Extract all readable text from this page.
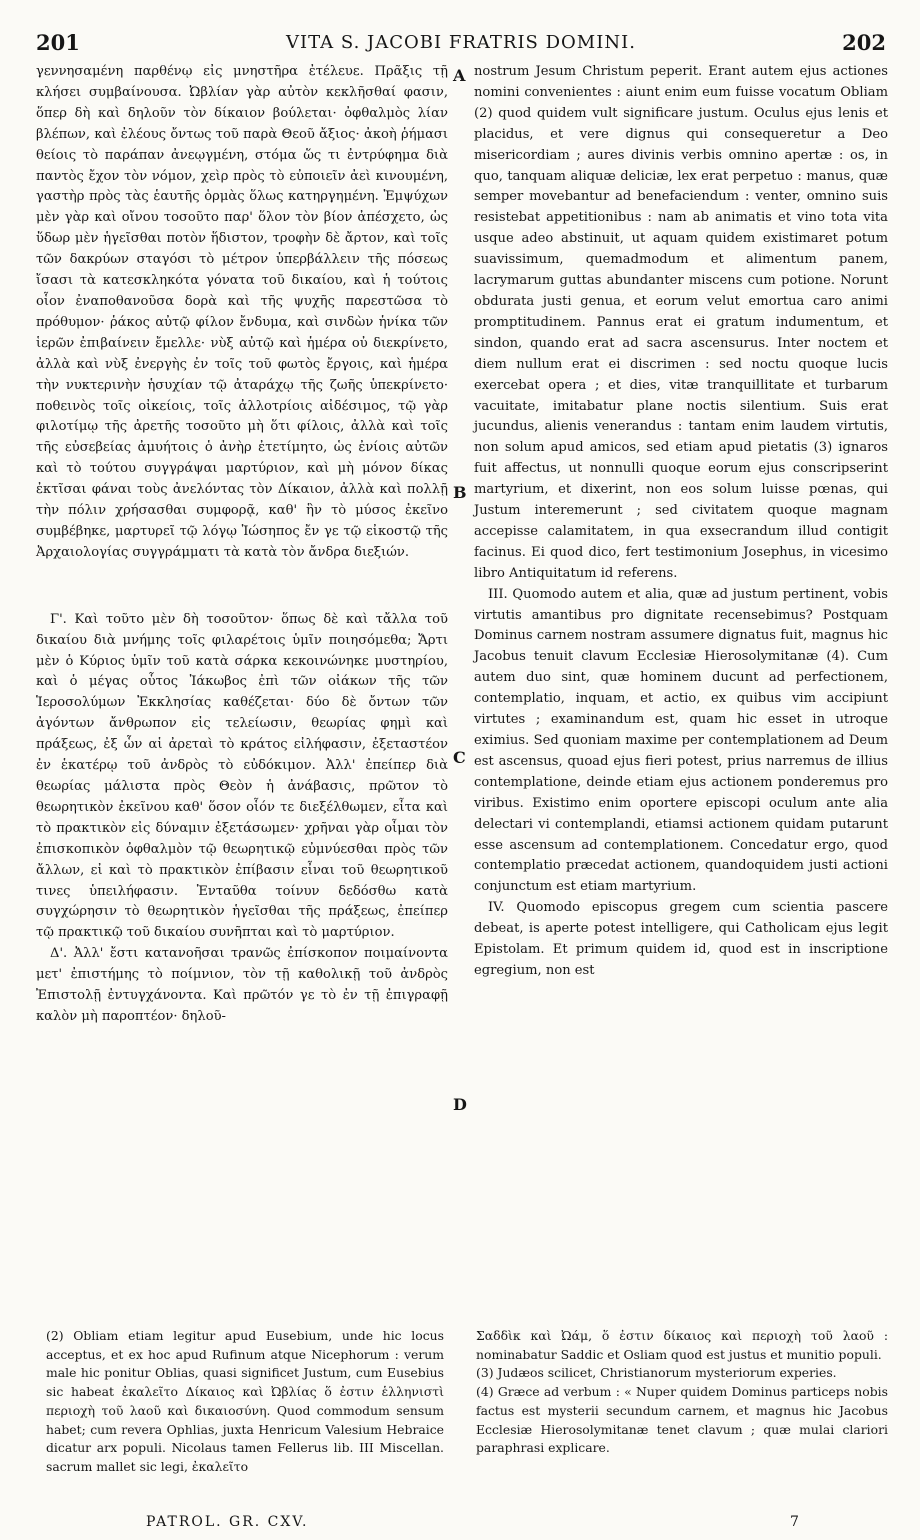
201	VITA S. JACOBI FRATRIS DOMINI.	202

γεννησαμένη παρθένῳ εἰς μνηστῆρα ἐτέλευε. Πρᾶξις τῇ κλήσει συμβαίνουσα. Ὠβλίαν γὰρ αὐτὸν κεκλῆσθαί φασιν, ὅπερ δὴ καὶ δηλοῦν τὸν δίκαιον βούλεται· ὀφθαλμὸς λίαν βλέπων, καὶ ἐλέους ὄντως τοῦ παρὰ Θεοῦ ἄξιος· ἀκοὴ ῥήμασι θείοις τὸ παράπαν ἀνεῳγμένη, στόμα ὥς τι ἐντρύφημα διὰ παντὸς ἔχον τὸν νόμον, χεὶρ πρὸς τὸ εὐποιεῖν ἀεὶ κινουμένη, γαστὴρ πρὸς τὰς ἑαυτῆς ὁρμὰς ὅλως κατηργημένη. Ἐμψύχων μὲν γὰρ καὶ οἴνου τοσοῦτο παρ' ὅλον τὸν βίον ἀπέσχετο, ὡς ὕδωρ μὲν ἡγεῖσθαι ποτὸν ἥδιστον, τροφὴν δὲ ἄρτον, καὶ τοῖς τῶν δακρύων σταγόσι τὸ μέτρον ὑπερβάλλειν τῆς πόσεως ἴσασι τὰ κατεσκληκότα γόνατα τοῦ δικαίου, καὶ ἡ τούτοις οἷον ἐναποθανοῦσα δορὰ καὶ τῆς ψυχῆς παρεστῶσα τὸ πρόθυμον· ῥάκος αὐτῷ φίλον ἔνδυμα, καὶ σινδὼν ἡνίκα τῶν ἱερῶν ἐπιβαίνειν ἔμελλε· νὺξ αὐτῷ καὶ ἡμέρα οὐ διεκρίνετο, ἀλλὰ καὶ νὺξ ἐνεργὴς ἐν τοῖς τοῦ φωτὸς ἔργοις, καὶ ἡμέρα τὴν νυκτερινὴν ἡσυχίαν τῷ ἀταράχῳ τῆς ζωῆς ὑπεκρίνετο· ποθεινὸς τοῖς οἰκείοις, τοῖς ἀλλοτρίοις αἰδέσιμος, τῷ γὰρ φιλοτίμῳ τῆς ἀρετῆς τοσοῦτο μὴ ὅτι φίλοις, ἀλλὰ καὶ τοῖς τῆς εὐσεβείας ἀμυήτοις ὁ ἀνὴρ ἐτετίμητο, ὡς ἐνίοις αὐτῶν καὶ τὸ τούτου συγγράψαι μαρτύριον, καὶ μὴ μόνον δίκας ἐκτῖσαι φάναι τοὺς ἀνελόντας τὸν Δίκαιον, ἀλλὰ καὶ πολλῇ τὴν πόλιν χρήσασθαι συμφορᾷ, καθ' ἣν τὸ μύσος ἐκεῖνο συμβέβηκε, μαρτυρεῖ τῷ λόγῳ Ἰώσηπος ἔν γε τῷ εἰκοστῷ τῆς Ἀρχαιολογίας συγγράμματι τὰ κατὰ τὸν ἄνδρα διεξιών.

Γ'. Καὶ τοῦτο μὲν δὴ τοσοῦτον· ὅπως δὲ καὶ τἄλλα τοῦ δικαίου διὰ μνήμης τοῖς φιλαρέτοις ὑμῖν ποιησόμεθα; Ἄρτι μὲν ὁ Κύριος ὑμῖν τοῦ κατὰ σάρκα κεκοινώνηκε μυστηρίου, καὶ ὁ μέγας οὗτος Ἰάκωβος ἐπὶ τῶν οἰάκων τῆς τῶν Ἱεροσολύμων Ἐκκλησίας καθέζεται· δύο δὲ ὄντων τῶν ἀγόντων ἄνθρωπον εἰς τελείωσιν, θεωρίας φημὶ καὶ πράξεως, ἐξ ὧν αἱ ἀρεταὶ τὸ κράτος εἰλήφασιν, ἐξεταστέον ἐν ἑκατέρῳ τοῦ ἀνδρὸς τὸ εὐδόκιμον. Ἀλλ' ἐπείπερ διὰ θεωρίας μάλιστα πρὸς Θεὸν ἡ ἀνάβασις, πρῶτον τὸ θεωρητικὸν ἐκεῖνου καθ' ὅσον οἷόν τε διεξέλθωμεν, εἶτα καὶ τὸ πρακτικὸν εἰς δύναμιν ἐξετάσωμεν· χρῆναι γὰρ οἶμαι τὸν ἐπισκοπικὸν ὀφθαλμὸν τῷ θεωρητικῷ εὐμνύεσθαι πρὸς τῶν ἄλλων, εἰ καὶ τὸ πρακτικὸν ἐπίβασιν εἶναι τοῦ θεωρητικοῦ τινες ὑπειλήφασιν. Ἐνταῦθα τοίνυν δεδόσθω κατὰ συγχώρησιν τὸ θεωρητικὸν ἡγεῖσθαι τῆς πράξεως, ἐπείπερ τῷ πρακτικῷ τοῦ δικαίου συνῆπται καὶ τὸ μαρτύριον.

Δ'. Ἀλλ' ἔστι κατανοῆσαι τρανῶς ἐπίσκοπον ποιμαίνοντα μετ' ἐπιστήμης τὸ ποίμνιον, τὸν τῇ καθολικῇ τοῦ ἀνδρὸς Ἐπιστολῇ ἐντυγχάνοντα. Καὶ πρῶτόν γε τὸ ἐν τῇ ἐπιγραφῇ καλὸν μὴ παροπτέον· δηλοῦ-

nostrum Jesum Christum peperit. Erant autem ejus actiones nomini convenientes : aiunt enim eum fuisse vocatum Obliam (2) quod quidem vult significare justum. Oculus ejus lenis et placidus, et vere dignus qui consequeretur a Deo misericordiam ; aures divinis verbis omnino apertæ : os, in quo, tanquam aliquæ deliciæ, lex erat perpetuo : manus, quæ semper movebantur ad benefaciendum : venter, omnino suis resistebat appetitionibus : nam ab animatis et vino tota vita usque adeo abstinuit, ut aquam quidem existimaret potum suavissimum, quemadmodum et alimentum panem, lacrymarum guttas abundanter miscens cum potione. Norunt obdurata justi genua, et eorum velut emortua caro animi promptitudinem. Pannus erat ei gratum indumentum, et sindon, quando erat ad sacra ascensurus. Inter noctem et diem nullum erat ei discrimen : sed noctu quoque lucis exercebat opera ; et dies, vitæ tranquillitate et turbarum vacuitate, imitabatur plane noctis silentium. Suis erat jucundus, alienis venerandus : tantam enim laudem virtutis, non solum apud amicos, sed etiam apud pietatis (3) ignaros fuit affectus, ut nonnulli quoque eorum ejus conscripserint martyrium, et dixerint, non eos solum luisse pœnas, qui Justum interemerunt ; sed civitatem quoque magnam accepisse calamitatem, in qua exsecrandum illud contigit facinus. Ei quod dico, fert testimonium Josephus, in vicesimo libro Antiquitatum id referens.

III. Quomodo autem et alia, quæ ad justum pertinent, vobis virtutis amantibus pro dignitate recensebimus? Postquam Dominus carnem nostram assumere dignatus fuit, magnus hic Jacobus tenuit clavum Ecclesiæ Hierosolymitanæ (4). Cum autem duo sint, quæ hominem ducunt ad perfectionem, contemplatio, inquam, et actio, ex quibus vim accipiunt virtutes ; examinandum est, quam hic esset in utroque eximius. Sed quoniam maxime per contemplationem ad Deum est ascensus, quoad ejus fieri potest, prius narremus de illius contemplatione, deinde etiam ejus actionem ponderemus pro viribus. Existimo enim oportere episcopi oculum ante alia delectari vi contemplandi, etiamsi actionem quidam putarunt esse ascensum ad contemplationem. Concedatur ergo, quod contemplatio præcedat actionem, quandoquidem justi actioni conjunctum est etiam martyrium.

IV. Quomodo episcopus gregem cum scientia pascere debeat, is aperte potest intelligere, qui Catholicam ejus legit Epistolam. Et primum quidem id, quod est in inscriptione egregium, non est

A
B
C
D

(2) Obliam etiam legitur apud Eusebium, unde hic locus acceptus, et ex hoc apud Rufinum atque Nicephorum : verum male hic ponitur Oblias, quasi significet Justum, cum Eusebius sic habeat ἐκαλεῖτο Δίκαιος καὶ Ὠβλίας ὅ ἐστιν ἑλληνιστὶ περιοχὴ τοῦ λαοῦ καὶ δικαιοσύνη. Quod commodum sensum habet; cum revera Ophlias, juxta Henricum Valesium Hebraice dicatur arx populi. Nicolaus tamen Fellerus lib. III Miscellan. sacrum mallet sic legi, ἐκαλεῖτο

Σαδδὶκ καὶ Ὠάμ, ὅ ἐστιν δίκαιος καὶ περιοχὴ τοῦ λαοῦ : nominabatur Saddic et Osliam quod est justus et munitio populi.

(3) Judæos scilicet, Christianorum mysteriorum experies.

(4) Græce ad verbum : « Nuper quidem Dominus particeps nobis factus est mysterii secundum carnem, et magnus hic Jacobus Ecclesiæ Hierosolymitanæ tenet clavum ; quæ mulai clariori paraphrasi explicare.

PATROL. GR. CXV.	7
